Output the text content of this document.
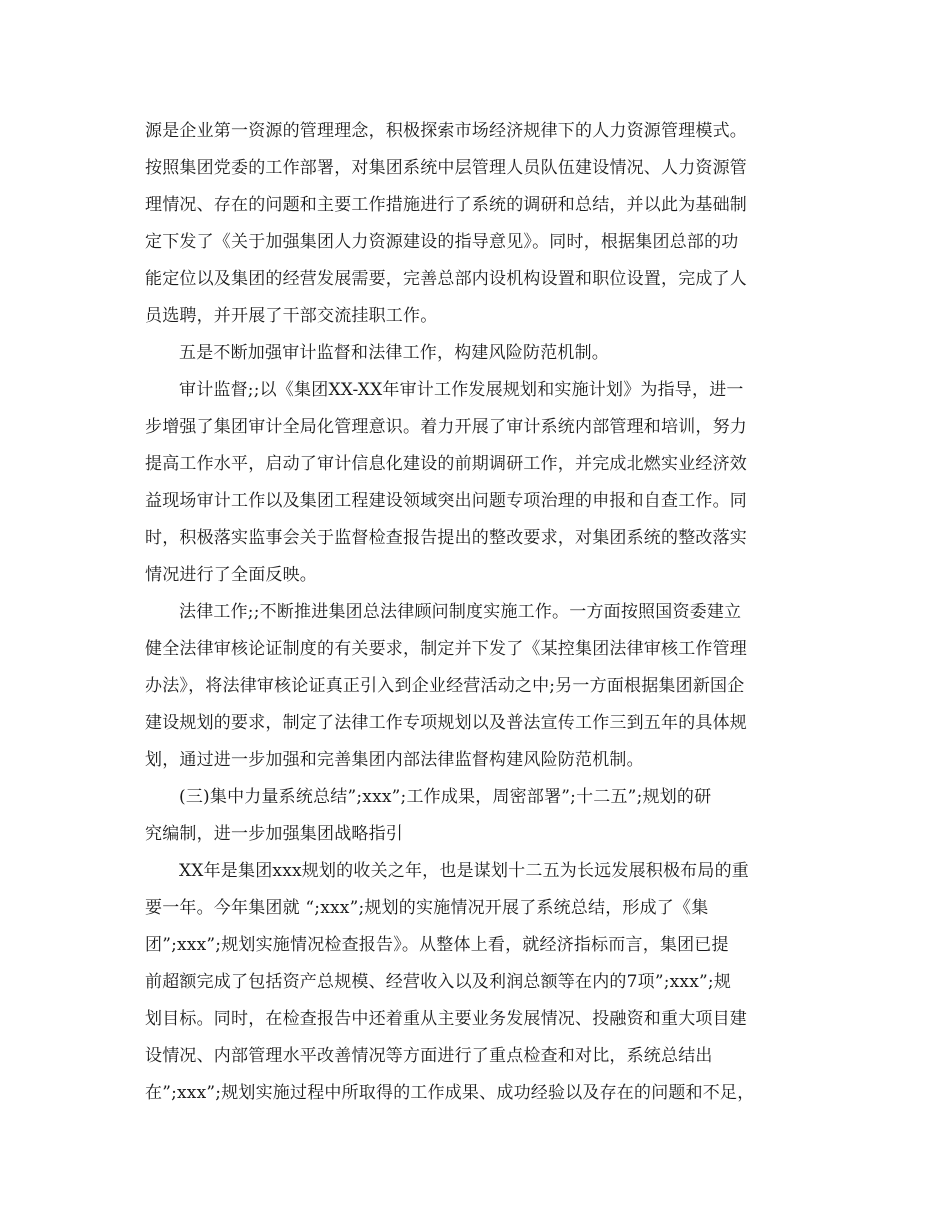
源是企业第一资源的管理理念，积极探索市场经济规律下的人力资源管理模式。

按照集团党委的工作部署，对集团系统中层管理人员队伍建设情况、人力资源管

理情况、存在的问题和主要工作措施进行了系统的调研和总结，并以此为基础制

定下发了《关于加强集团人力资源建设的指导意见》。同时，根据集团总部的功

能定位以及集团的经营发展需要，完善总部内设机构设置和职位设置，完成了人

员选聘，并开展了干部交流挂职工作。

五是不断加强审计监督和法律工作，构建风险防范机制。

审计监督;;以《集团XX-XX年审计工作发展规划和实施计划》为指导，进一

步增强了集团审计全局化管理意识。着力开展了审计系统内部管理和培训，努力

提高工作水平，启动了审计信息化建设的前期调研工作，并完成北燃实业经济效

益现场审计工作以及集团工程建设领域突出问题专项治理的申报和自查工作。同

时，积极落实监事会关于监督检查报告提出的整改要求，对集团系统的整改落实

情况进行了全面反映。

法律工作;;不断推进集团总法律顾问制度实施工作。一方面按照国资委建立

健全法律审核论证制度的有关要求，制定并下发了《某控集团法律审核工作管理

办法》，将法律审核论证真正引入到企业经营活动之中;另一方面根据集团新国企

建设规划的要求，制定了法律工作专项规划以及普法宣传工作三到五年的具体规

划，通过进一步加强和完善集团内部法律监督构建风险防范机制。

(三)集中力量系统总结”;xxx”;工作成果，周密部署”;十二五”;规划的研

究编制，进一步加强集团战略指引

XX年是集团xxx规划的收关之年，也是谋划十二五为长远发展积极布局的重

要一年。今年集团就 “;xxx”;规划的实施情况开展了系统总结，形成了《集

团”;xxx”;规划实施情况检查报告》。从整体上看，就经济指标而言，集团已提

前超额完成了包括资产总规模、经营收入以及利润总额等在内的7项”;xxx”;规

划目标。同时，在检查报告中还着重从主要业务发展情况、投融资和重大项目建

设情况、内部管理水平改善情况等方面进行了重点检查和对比，系统总结出

在”;xxx”;规划实施过程中所取得的工作成果、成功经验以及存在的问题和不足，
